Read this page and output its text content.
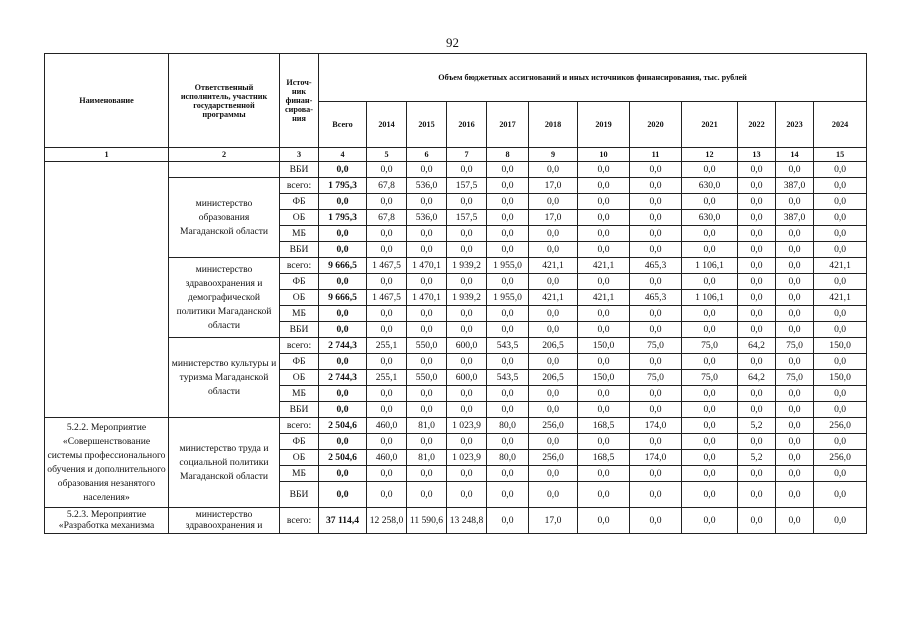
92
Наименование	Ответственный исполнитель, участник государственной программы	Источ-ник финан-сирова-ния	Объем бюджетных ассигнований и иных источников финансирования, тыс. рублей											
			Всего	2014	2015	2016	2017	2018	2019	2020	2021	2022	2023	2024
1	2	3	4	5	6	7	8	9	10	11	12	13	14	15
		ВБИ	0,0	0,0	0,0	0,0	0,0	0,0	0,0	0,0	0,0	0,0	0,0	0,0
	министерство образования Магаданской области	всего:	1 795,3	67,8	536,0	157,5	0,0	17,0	0,0	0,0	630,0	0,0	387,0	0,0
		ФБ	0,0	0,0	0,0	0,0	0,0	0,0	0,0	0,0	0,0	0,0	0,0	0,0
		ОБ	1 795,3	67,8	536,0	157,5	0,0	17,0	0,0	0,0	630,0	0,0	387,0	0,0
		МБ	0,0	0,0	0,0	0,0	0,0	0,0	0,0	0,0	0,0	0,0	0,0	0,0
		ВБИ	0,0	0,0	0,0	0,0	0,0	0,0	0,0	0,0	0,0	0,0	0,0	0,0
	министерство здравоохранения и демографической политики Магаданской области	всего:	9 666,5	1 467,5	1 470,1	1 939,2	1 955,0	421,1	421,1	465,3	1 106,1	0,0	0,0	421,1
		ФБ	0,0	0,0	0,0	0,0	0,0	0,0	0,0	0,0	0,0	0,0	0,0	0,0
		ОБ	9 666,5	1 467,5	1 470,1	1 939,2	1 955,0	421,1	421,1	465,3	1 106,1	0,0	0,0	421,1
		МБ	0,0	0,0	0,0	0,0	0,0	0,0	0,0	0,0	0,0	0,0	0,0	0,0
		ВБИ	0,0	0,0	0,0	0,0	0,0	0,0	0,0	0,0	0,0	0,0	0,0	0,0
	министерство культуры и туризма Магаданской области	всего:	2 744,3	255,1	550,0	600,0	543,5	206,5	150,0	75,0	75,0	64,2	75,0	150,0
		ФБ	0,0	0,0	0,0	0,0	0,0	0,0	0,0	0,0	0,0	0,0	0,0	0,0
		ОБ	2 744,3	255,1	550,0	600,0	543,5	206,5	150,0	75,0	75,0	64,2	75,0	150,0
		МБ	0,0	0,0	0,0	0,0	0,0	0,0	0,0	0,0	0,0	0,0	0,0	0,0
		ВБИ	0,0	0,0	0,0	0,0	0,0	0,0	0,0	0,0	0,0	0,0	0,0	0,0
5.2.2. Мероприятие «Совершенствование системы профессионального обучения и дополнительного образования незанятого населения»	министерство труда и социальной политики Магаданской области	всего:	2 504,6	460,0	81,0	1 023,9	80,0	256,0	168,5	174,0	0,0	5,2	0,0	256,0
		ФБ	0,0	0,0	0,0	0,0	0,0	0,0	0,0	0,0	0,0	0,0	0,0	0,0
		ОБ	2 504,6	460,0	81,0	1 023,9	80,0	256,0	168,5	174,0	0,0	5,2	0,0	256,0
		МБ	0,0	0,0	0,0	0,0	0,0	0,0	0,0	0,0	0,0	0,0	0,0	0,0
		ВБИ	0,0	0,0	0,0	0,0	0,0	0,0	0,0	0,0	0,0	0,0	0,0	0,0
5.2.3. Мероприятие «Разработка механизма	министерство здравоохранения и	всего:	37 114,4	12 258,0	11 590,6	13 248,8	0,0	17,0	0,0	0,0	0,0	0,0	0,0	0,0
